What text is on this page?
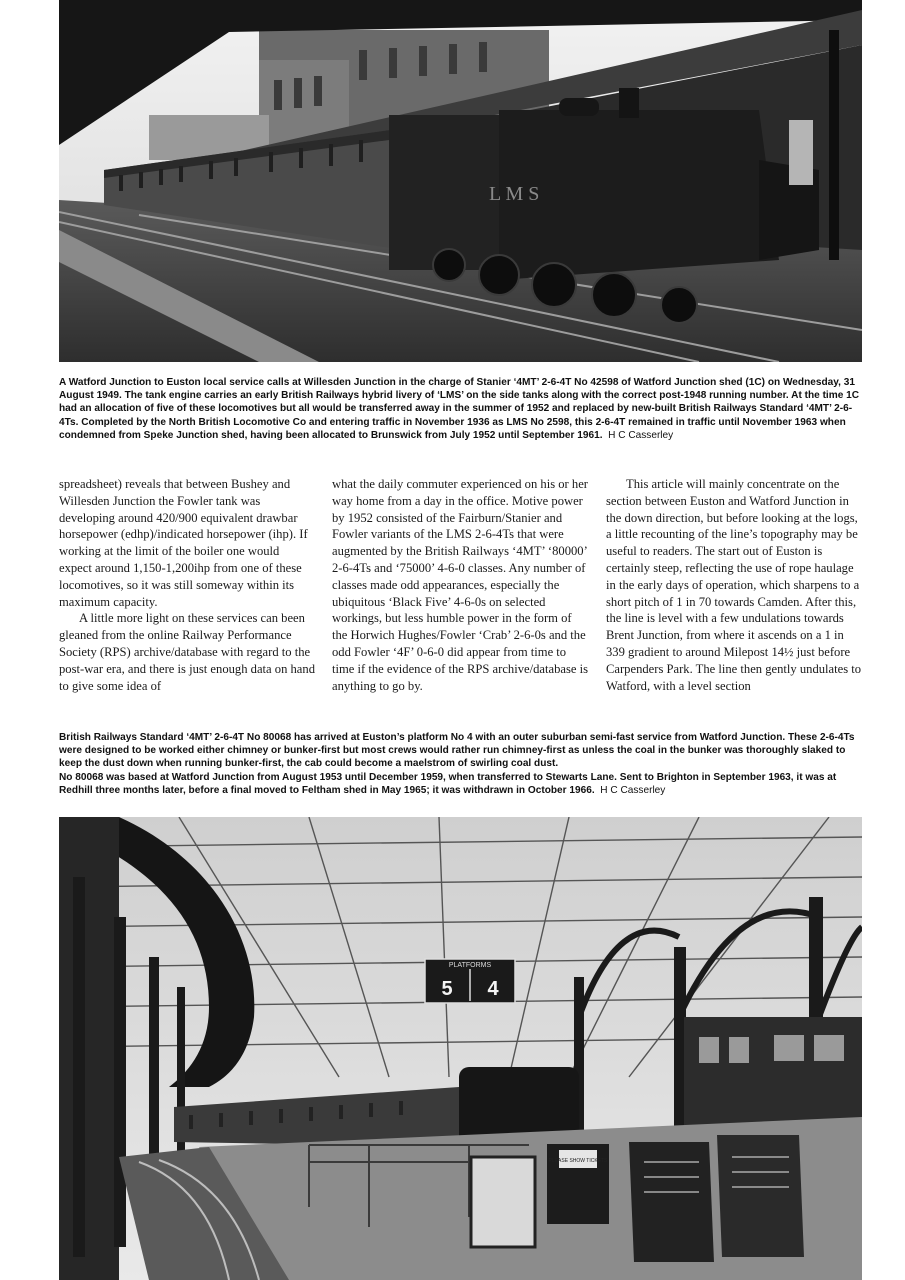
L M S
A Watford Junction to Euston local service calls at Willesden Junction in the charge of Stanier ‘4MT’ 2-6-4T No 42598 of Watford Junction shed (1C) on Wednesday, 31 August 1949. The tank engine carries an early British Railways hybrid livery of ‘LMS’ on the side tanks along with the correct post-1948 running number. At the time 1C had an allocation of five of these locomotives but all would be transferred away in the summer of 1952 and replaced by new-built British Railways Standard ‘4MT’ 2-6-4Ts. Completed by the North British Locomotive Co and entering traffic in November 1936 as LMS No 2598, this 2-6-4T remained in traffic until November 1963 when condemned from Speke Junction shed, having been allocated to Brunswick from July 1952 until September 1961. H C Casserley

spreadsheet) reveals that between Bushey and Willesden Junction the Fowler tank was developing around 420/900 equivalent drawbar horsepower (edhp)/indicated horsepower (ihp). If working at the limit of the boiler one would expect around 1,150-1,200ihp from one of these locomotives, so it was still someway within its maximum capacity.

A little more light on these services can been gleaned from the online Railway Performance Society (RPS) archive/database with regard to the post-war era, and there is just enough data on hand to give some idea of

what the daily commuter experienced on his or her way home from a day in the office. Motive power by 1952 consisted of the Fairburn/Stanier and Fowler variants of the LMS 2-6-4Ts that were augmented by the British Railways ‘4MT’ ‘80000’ 2-6-4Ts and ‘75000’ 4-6-0 classes. Any number of classes made odd appearances, especially the ubiquitous ‘Black Five’ 4-6-0s on selected workings, but less humble power in the form of the Horwich Hughes/Fowler ‘Crab’ 2-6-0s and the odd Fowler ‘4F’ 0-6-0 did appear from time to time if the evidence of the RPS archive/database is anything to go by.

This article will mainly concentrate on the section between Euston and Watford Junction in the down direction, but before looking at the logs, a little recounting of the line’s topography may be useful to readers. The start out of Euston is certainly steep, reflecting the use of rope haulage in the early days of operation, which sharpens to a short pitch of 1 in 70 towards Camden. After this, the line is level with a few undulations towards Brent Junction, from where it ascends on a 1 in 339 gradient to around Milepost 14½ just before Carpenders Park. The line then gently undulates to Watford, with a level section

British Railways Standard ‘4MT’ 2-6-4T No 80068 has arrived at Euston’s platform No 4 with an outer suburban semi-fast service from Watford Junction. These 2-6-4Ts were designed to be worked either chimney or bunker-first but most crews would rather run chimney-first as unless the coal in the bunker was thoroughly slaked to keep the dust down when running bunker-first, the cab could become a maelstrom of swirling coal dust.
No 80068 was based at Watford Junction from August 1953 until December 1959, when transferred to Stewarts Lane. Sent to Brighton in September 1963, it was at Redhill three months later, before a final moved to Feltham shed in May 1965; it was withdrawn in October 1966. H C Casserley
PLATFORMS
5 4
PLEASE SHOW TICKETS
